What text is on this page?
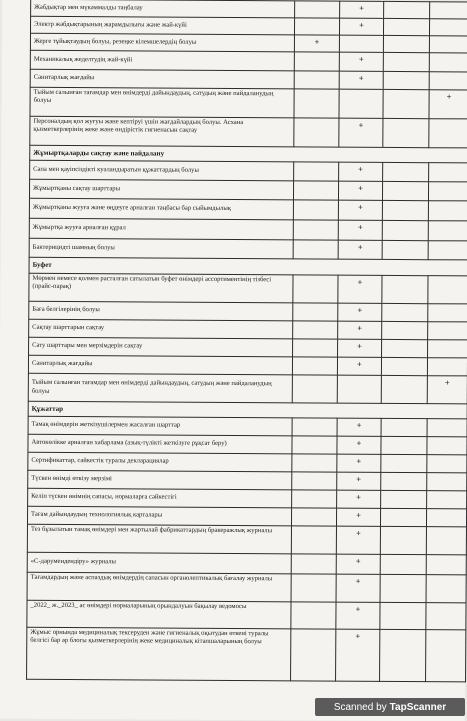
Жабдықтар мен мүкәммалды таңбалау		+		
Электр жабдықтарының жарамдылығы және жай-күйі		+		
Жерге тұйықтаудың болуы, резеңке кілемшелердің болуы	+			
Механикалық жеделтудің жай-күйі		+		
Санитарлық жағдайы		+		
Тыйым салынған тағамдар мен өнімдерді дайындаудың, сатудың және пайдаланудың болуы				+
Персоналдың қол жуғуы және кептіруі үшін жағдайлардың болуы. Асхана қызметкерлерінің жеке және өндірістік гигиенасын сақтау		+		
Жұмыртқаларды сақтау және пайдалану				
Сапа мен қауіпсіздікті куәландыратын құжаттардың болуы		+		
Жұмыртқаны сақтау шарттары		+		
Жұмыртқаны жууға және өңдеуге арналған таңбасы бар сыйымдылық		+		
Жұмыртқа жууға арналған құрал		+		
Бактерицидті шамның болуы		+		
Буфет				
Мөрмен немесе қолмен расталған сатылатын буфет өнімдері ассортиментінің тізбесі (прайс-парақ)		+		
Баға белгілерінің болуы		+		
Сақтау шарттарын сақтау		+		
Сату шарттары мен мерзімдерін сақтау		+		
Санитарлық жағдайы		+		
Тыйым салынған тағамдар мен өнімдерді дайындаудың, сатудың және пайдаланудың болуы				+
Құжаттар				
Тамақ өнімдерін жеткізушілермен жасалған шарттар		+		
Автокөлікке арналған хабарлама (азық-түлікті жеткізуге рұқсат беру)		+		
Сертификаттар, сәйкестік туралы декларациялар		+		
Түскен өнімді өткізу мерзімі		+		
Келіп түскен өнімнің сапасы, нормаларға сәйкестігі		+		
Тағам дайындаудың технологиялық карталары		+		
Тез бұзылатын тамақ өнімдері мен жартылай фабрикаттардың бракеражлық журналы		+		
«С-дәрумендендіру» журналы		+		
Тағамдардың және аспаздық өнімдердің сапасын органолептикалық бағалау журналы		+		
_2022_ ж._2023_ ас өнімдері нормаларының орындалуын бақылау ведомосы		+		
Жұмыс орнында медициналық тексеруден және гигиеналық оқытудан өткені туралы белгісі бар әр блогы қызметкерлерінің жеке медициналық кітапшаларының болуы		+		
Scanned by TapScanner
